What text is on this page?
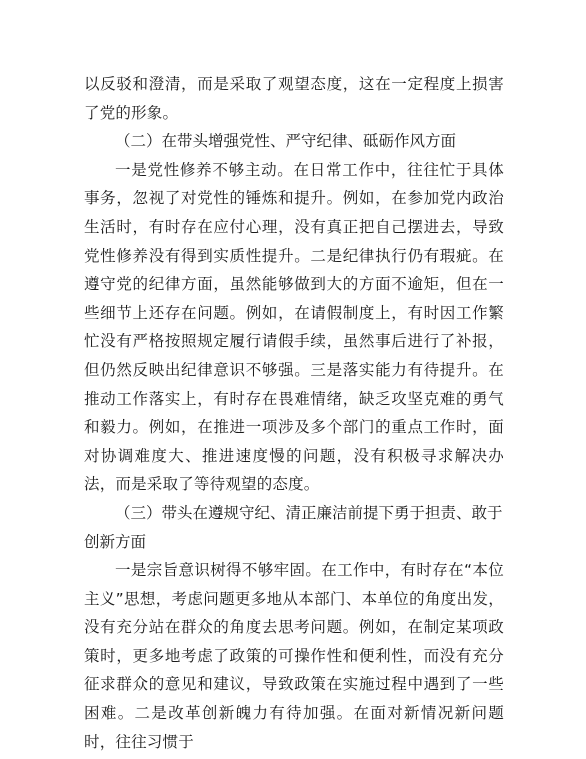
以反驳和澄清，而是采取了观望态度，这在一定程度上损害了党的形象。

（二）在带头增强党性、严守纪律、砥砺作风方面

一是党性修养不够主动。在日常工作中，往往忙于具体事务，忽视了对党性的锤炼和提升。例如，在参加党内政治生活时，有时存在应付心理，没有真正把自己摆进去，导致党性修养没有得到实质性提升。二是纪律执行仍有瑕疵。在遵守党的纪律方面，虽然能够做到大的方面不逾矩，但在一些细节上还存在问题。例如，在请假制度上，有时因工作繁忙没有严格按照规定履行请假手续，虽然事后进行了补报，但仍然反映出纪律意识不够强。三是落实能力有待提升。在推动工作落实上，有时存在畏难情绪，缺乏攻坚克难的勇气和毅力。例如，在推进一项涉及多个部门的重点工作时，面对协调难度大、推进速度慢的问题，没有积极寻求解决办法，而是采取了等待观望的态度。

（三）带头在遵规守纪、清正廉洁前提下勇于担责、敢于创新方面

一是宗旨意识树得不够牢固。在工作中，有时存在“本位主义”思想，考虑问题更多地从本部门、本单位的角度出发，没有充分站在群众的角度去思考问题。例如，在制定某项政策时，更多地考虑了政策的可操作性和便利性，而没有充分征求群众的意见和建议，导致政策在实施过程中遇到了一些困难。二是改革创新魄力有待加强。在面对新情况新问题时，往往习惯于
